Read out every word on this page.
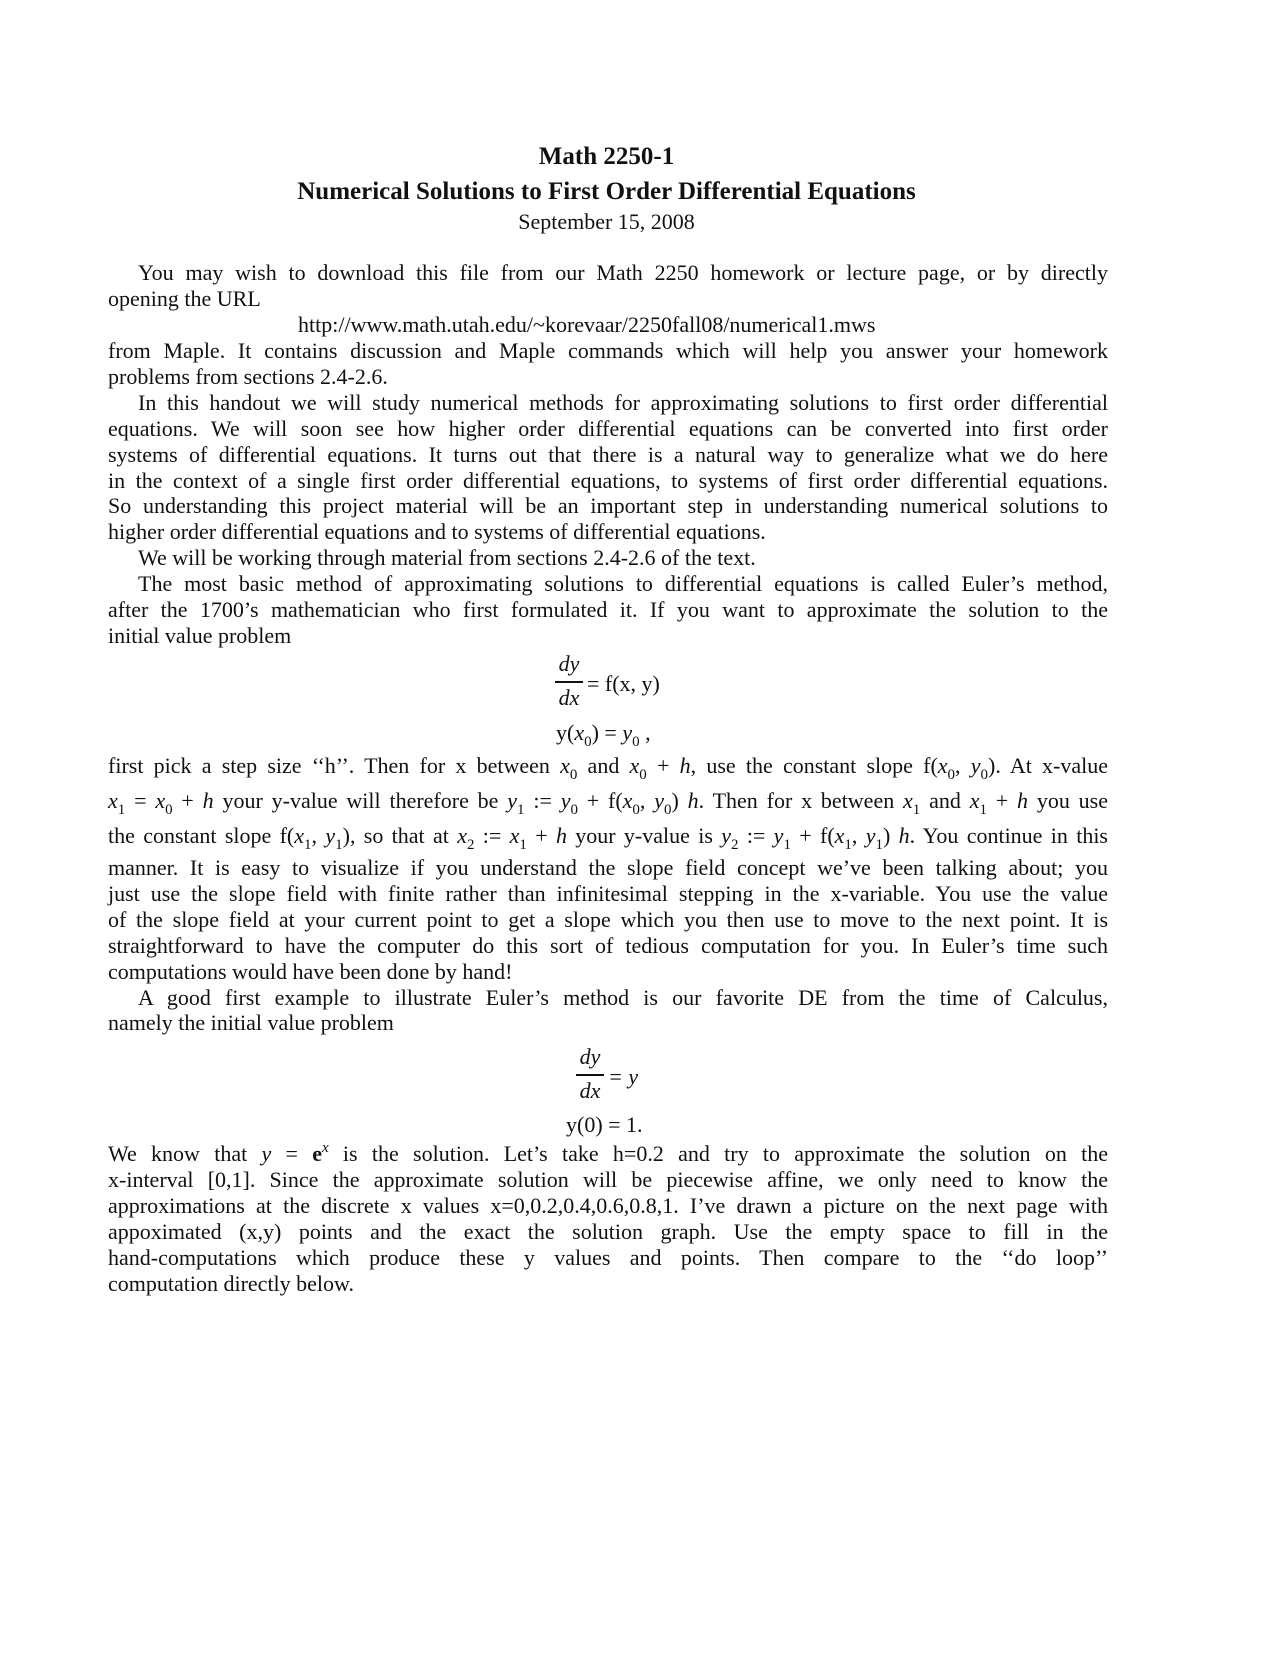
Math 2250-1
Numerical Solutions to First Order Differential Equations
September 15, 2008
http://www.math.utah.edu/~korevaar/2250fall08/numerical1.mws
You may wish to download this file from our Math 2250 homework or lecture page, or by directly
opening the URL
from Maple. It contains discussion and Maple commands which will help you answer your homework
problems from sections 2.4-2.6.
In this handout we will study numerical methods for approximating solutions to first order differential
equations. We will soon see how higher order differential equations can be converted into first order
systems of differential equations. It turns out that there is a natural way to generalize what we do here
in the context of a single first order differential equations, to systems of first order differential equations.
So understanding this project material will be an important step in understanding numerical solutions to
higher order differential equations and to systems of differential equations.
We will be working through material from sections 2.4-2.6 of the text.
The most basic method of approximating solutions to differential equations is called Euler’s method,
after the 1700’s mathematician who first formulated it. If you want to approximate the solution to the
initial value problem
first pick a step size ‘‘h’’. Then for x between $x_0$ and $x_0 + h$, use the constant slope $f(x_0$, $y_0$). At x-value
$x_1 = x_0 + h$ your y-value will therefore be $y_1$ := $y_0 + f(x_0$, $y_0$) h. Then for x between $x_1$ and $x_1 + h$ you use
the constant slope $f(x_1$, $y_1$), so that at $x_2$ := $x_1 + h$ your y-value is $y_2$ := $y_1 + f(x_1$, $y_1$) h. You continue in this
manner. It is easy to visualize if you understand the slope field concept we’ve been talking about; you
just use the slope field with finite rather than infinitesimal stepping in the x-variable. You use the value
of the slope field at your current point to get a slope which you then use to move to the next point. It is
straightforward to have the computer do this sort of tedious computation for you. In Euler’s time such
computations would have been done by hand!
A good first example to illustrate Euler’s method is our favorite DE from the time of Calculus,
namely the initial value problem
We know that $y = e^x$ is the solution. Let’s take h=0.2 and try to approximate the solution on the
x-interval [0,1]. Since the approximate solution will be piecewise affine, we only need to know the
approximations at the discrete x values x=0,0.2,0.4,0.6,0.8,1. I’ve drawn a picture on the next page with
appoximated (x,y) points and the exact the solution graph. Use the empty space to fill in the
hand-computations which produce these y values and points. Then compare to the ‘‘do loop’’
computation directly below.
dy
dx
= f(x, y)
$y(x_0) = y_0$ ,
dy
dx
= y
y(0) = 1.
